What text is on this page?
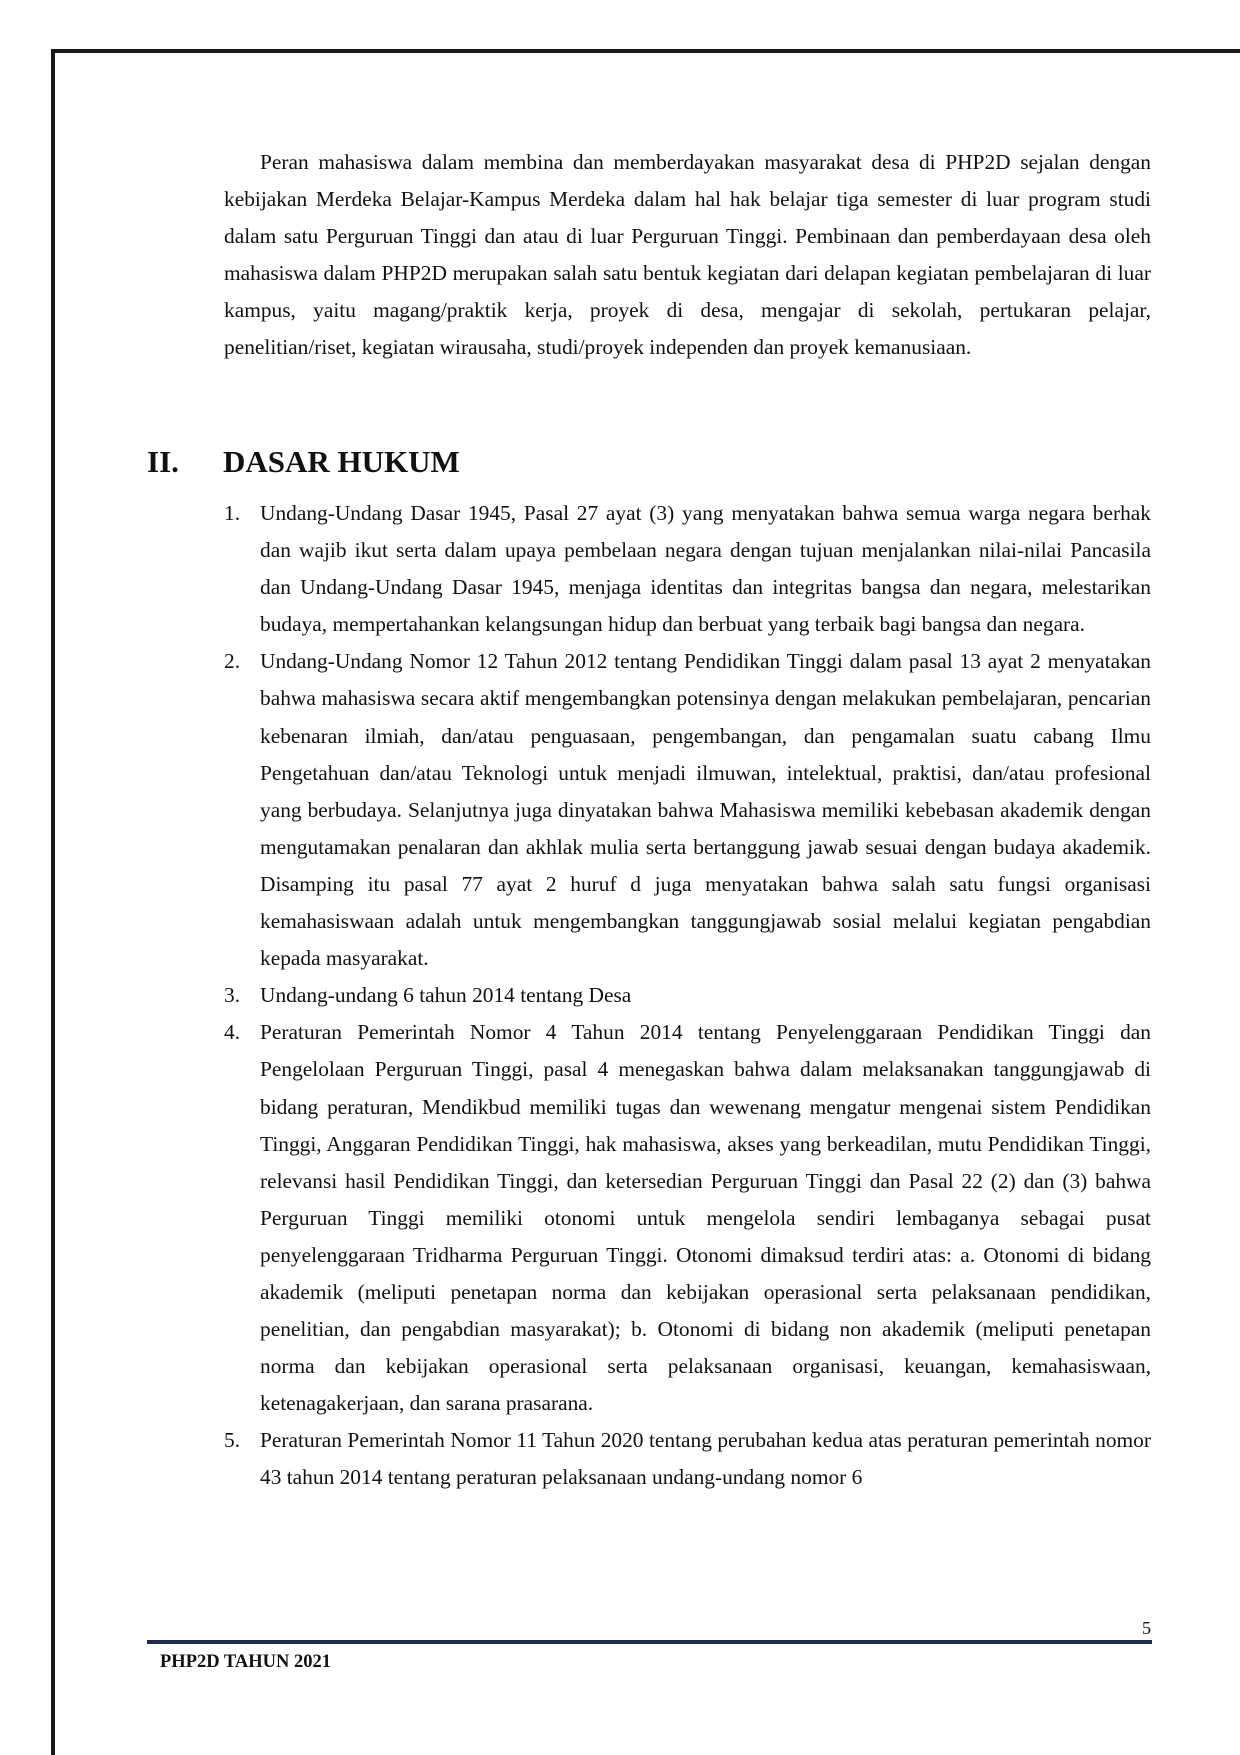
Peran mahasiswa dalam membina dan memberdayakan masyarakat desa di PHP2D sejalan dengan kebijakan Merdeka Belajar-Kampus Merdeka dalam hal hak belajar tiga semester di luar program studi dalam satu Perguruan Tinggi dan atau di luar Perguruan Tinggi. Pembinaan dan pemberdayaan desa oleh mahasiswa dalam PHP2D merupakan salah satu bentuk kegiatan dari delapan kegiatan pembelajaran di luar kampus, yaitu magang/praktik kerja, proyek di desa, mengajar di sekolah, pertukaran pelajar, penelitian/riset, kegiatan wirausaha, studi/proyek independen dan proyek kemanusiaan.

II. DASAR HUKUM
1. Undang-Undang Dasar 1945, Pasal 27 ayat (3) yang menyatakan bahwa semua warga negara berhak dan wajib ikut serta dalam upaya pembelaan negara dengan tujuan menjalankan nilai-nilai Pancasila dan Undang-Undang Dasar 1945, menjaga identitas dan integritas bangsa dan negara, melestarikan budaya, mempertahankan kelangsungan hidup dan berbuat yang terbaik bagi bangsa dan negara.
2. Undang-Undang Nomor 12 Tahun 2012 tentang Pendidikan Tinggi dalam pasal 13 ayat 2 menyatakan bahwa mahasiswa secara aktif mengembangkan potensinya dengan melakukan pembelajaran, pencarian kebenaran ilmiah, dan/atau penguasaan, pengembangan, dan pengamalan suatu cabang Ilmu Pengetahuan dan/atau Teknologi untuk menjadi ilmuwan, intelektual, praktisi, dan/atau profesional yang berbudaya. Selanjutnya juga dinyatakan bahwa Mahasiswa memiliki kebebasan akademik dengan mengutamakan penalaran dan akhlak mulia serta bertanggung jawab sesuai dengan budaya akademik. Disamping itu pasal 77 ayat 2 huruf d juga menyatakan bahwa salah satu fungsi organisasi kemahasiswaan adalah untuk mengembangkan tanggungjawab sosial melalui kegiatan pengabdian kepada masyarakat.
3. Undang-undang 6 tahun 2014 tentang Desa
4. Peraturan Pemerintah Nomor 4 Tahun 2014 tentang Penyelenggaraan Pendidikan Tinggi dan Pengelolaan Perguruan Tinggi, pasal 4 menegaskan bahwa dalam melaksanakan tanggungjawab di bidang peraturan, Mendikbud memiliki tugas dan wewenang mengatur mengenai sistem Pendidikan Tinggi, Anggaran Pendidikan Tinggi, hak mahasiswa, akses yang berkeadilan, mutu Pendidikan Tinggi, relevansi hasil Pendidikan Tinggi, dan ketersedian Perguruan Tinggi dan Pasal 22 (2) dan (3) bahwa Perguruan Tinggi memiliki otonomi untuk mengelola sendiri lembaganya sebagai pusat penyelenggaraan Tridharma Perguruan Tinggi. Otonomi dimaksud terdiri atas: a. Otonomi di bidang akademik (meliputi penetapan norma dan kebijakan operasional serta pelaksanaan pendidikan, penelitian, dan pengabdian masyarakat); b. Otonomi di bidang non akademik (meliputi penetapan norma dan kebijakan operasional serta pelaksanaan organisasi, keuangan, kemahasiswaan, ketenagakerjaan, dan sarana prasarana.
5. Peraturan Pemerintah Nomor 11 Tahun 2020 tentang perubahan kedua atas peraturan pemerintah nomor 43 tahun 2014 tentang peraturan pelaksanaan undang-undang nomor 6
5
PHP2D TAHUN 2021
